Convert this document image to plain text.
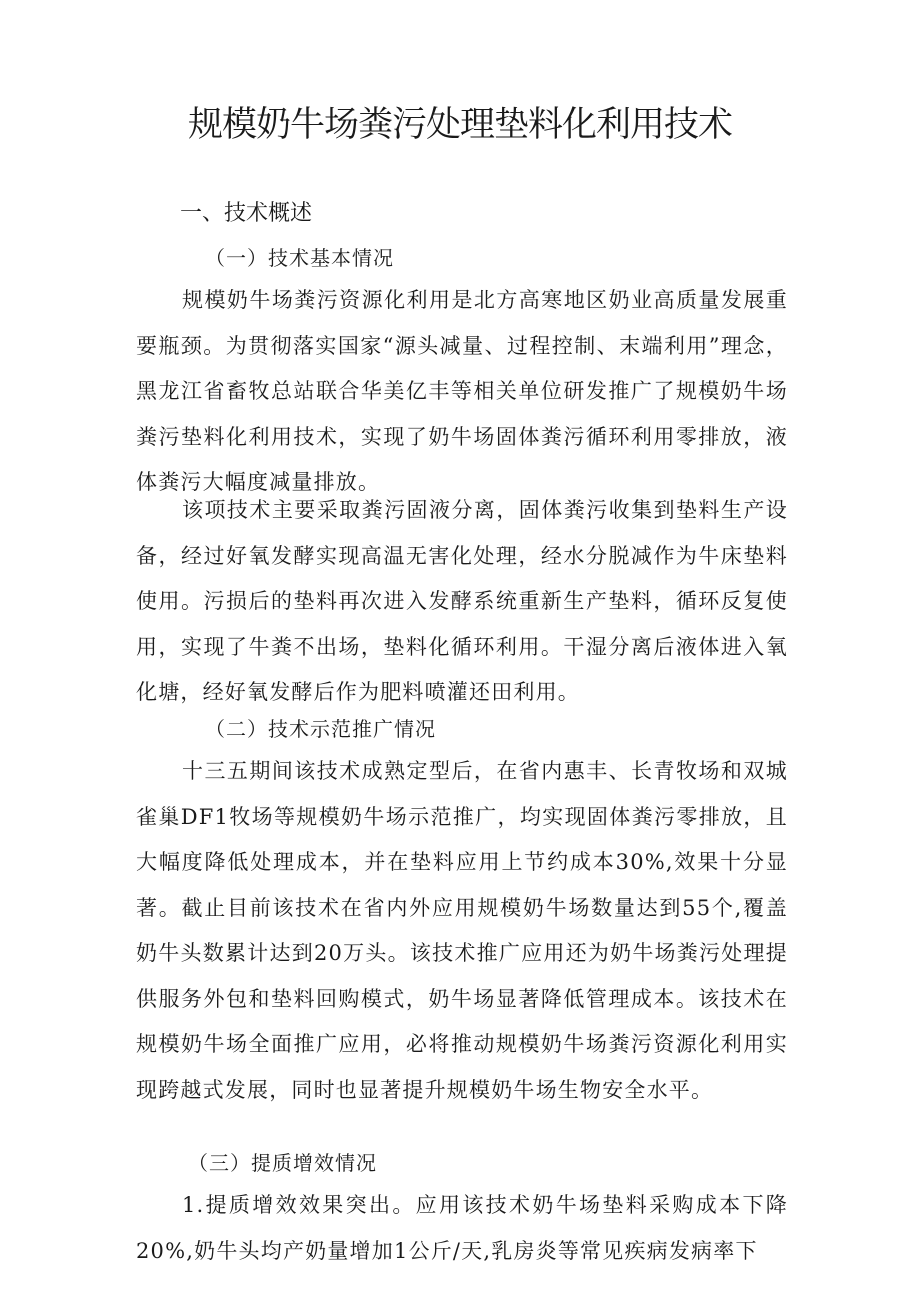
规模奶牛场粪污处理垫料化利用技术
一、技术概述
（一）技术基本情况

规模奶牛场粪污资源化利用是北方高寒地区奶业高质量发展重要瓶颈。为贯彻落实国家“源头减量、过程控制、末端利用”理念，黑龙江省畜牧总站联合华美亿丰等相关单位研发推广了规模奶牛场粪污垫料化利用技术，实现了奶牛场固体粪污循环利用零排放，液体粪污大幅度减量排放。

该项技术主要采取粪污固液分离，固体粪污收集到垫料生产设备，经过好氧发酵实现高温无害化处理，经水分脱减作为牛床垫料使用。污损后的垫料再次进入发酵系统重新生产垫料，循环反复使用，实现了牛粪不出场，垫料化循环利用。干湿分离后液体进入氧化塘，经好氧发酵后作为肥料喷灌还田利用。

（二）技术示范推广情况

十三五期间该技术成熟定型后，在省内惠丰、长青牧场和双城雀巢DF1牧场等规模奶牛场示范推广，均实现固体粪污零排放，且大幅度降低处理成本，并在垫料应用上节约成本30%,效果十分显著。截止目前该技术在省内外应用规模奶牛场数量达到55个,覆盖奶牛头数累计达到20万头。该技术推广应用还为奶牛场粪污处理提供服务外包和垫料回购模式，奶牛场显著降低管理成本。该技术在规模奶牛场全面推广应用，必将推动规模奶牛场粪污资源化利用实现跨越式发展，同时也显著提升规模奶牛场生物安全水平。

（三）提质增效情况

1.提质增效效果突出。应用该技术奶牛场垫料采购成本下降20%,奶牛头均产奶量增加1公斤/天,乳房炎等常见疾病发病率下
